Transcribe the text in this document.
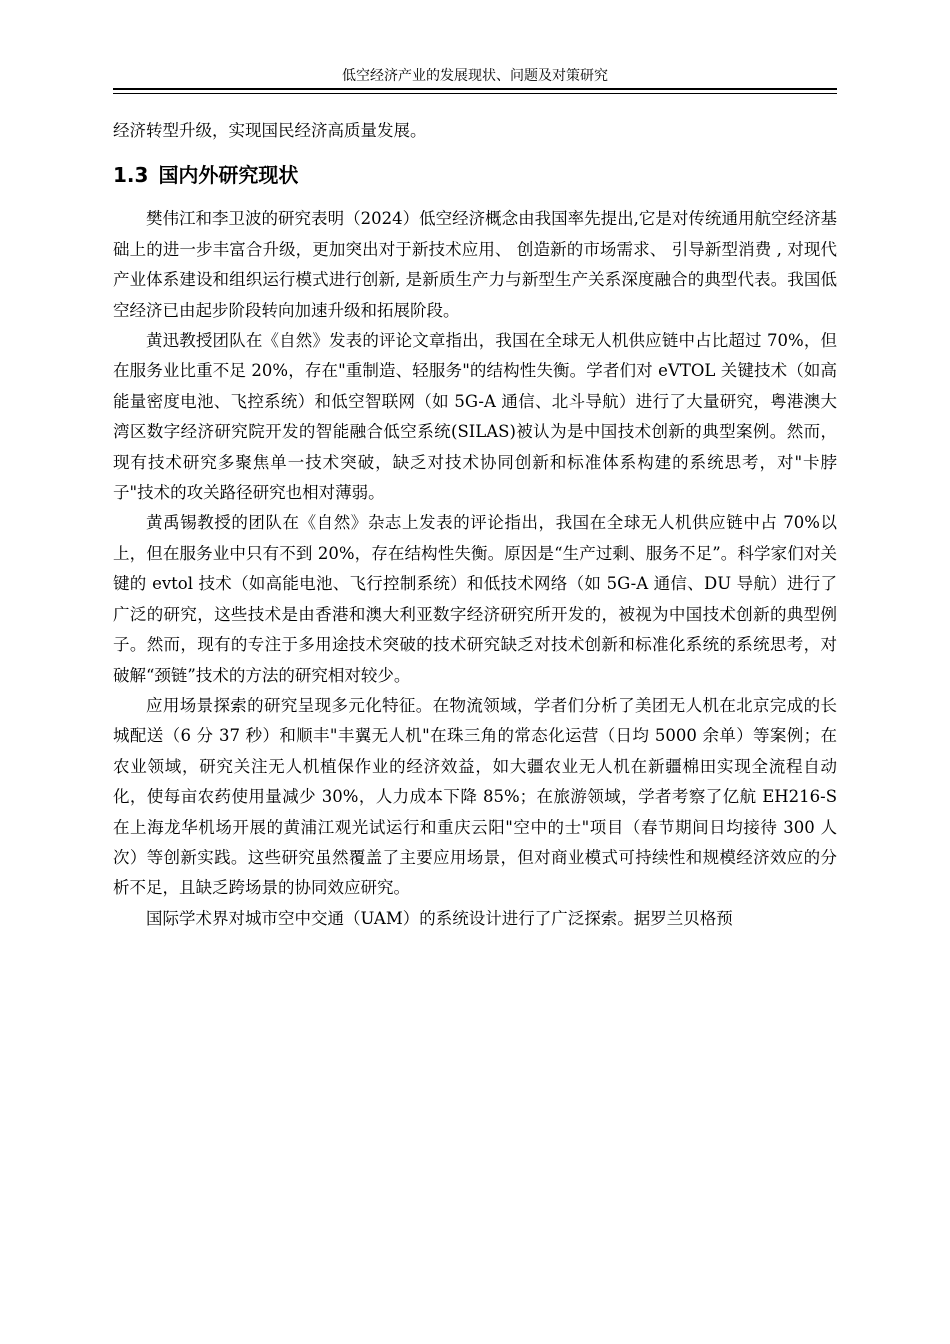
低空经济产业的发展现状、问题及对策研究

经济转型升级，实现国民经济高质量发展。

1.3 国内外研究现状

樊伟江和李卫波的研究表明（2024）低空经济概念由我国率先提出,它是对传统通用航空经济基础上的进一步丰富合升级，更加突出对于新技术应用、 创造新的市场需求、 引导新型消费 , 对现代产业体系建设和组织运行模式进行创新, 是新质生产力与新型生产关系深度融合的典型代表。我国低空经济已由起步阶段转向加速升级和拓展阶段。

黄迅教授团队在《自然》发表的评论文章指出，我国在全球无人机供应链中占比超过 70%，但在服务业比重不足 20%，存在"重制造、轻服务"的结构性失衡。学者们对 eVTOL 关键技术（如高能量密度电池、飞控系统）和低空智联网（如 5G-A 通信、北斗导航）进行了大量研究，粤港澳大湾区数字经济研究院开发的智能融合低空系统(SILAS)被认为是中国技术创新的典型案例。然而，现有技术研究多聚焦单一技术突破，缺乏对技术协同创新和标准体系构建的系统思考，对"卡脖子"技术的攻关路径研究也相对薄弱。

黄禹锡教授的团队在《自然》杂志上发表的评论指出，我国在全球无人机供应链中占 70%以上，但在服务业中只有不到 20%，存在结构性失衡。原因是“生产过剩、服务不足”。科学家们对关键的 evtol 技术（如高能电池、飞行控制系统）和低技术网络（如 5G-A 通信、DU 导航）进行了广泛的研究，这些技术是由香港和澳大利亚数字经济研究所开发的，被视为中国技术创新的典型例子。然而，现有的专注于多用途技术突破的技术研究缺乏对技术创新和标准化系统的系统思考，对破解“颈链”技术的方法的研究相对较少。

应用场景探索的研究呈现多元化特征。在物流领域，学者们分析了美团无人机在北京完成的长城配送（6 分 37 秒）和顺丰"丰翼无人机"在珠三角的常态化运营（日均 5000 余单）等案例；在农业领域，研究关注无人机植保作业的经济效益，如大疆农业无人机在新疆棉田实现全流程自动化，使每亩农药使用量减少 30%，人力成本下降 85%；在旅游领域，学者考察了亿航 EH216-S 在上海龙华机场开展的黄浦江观光试运行和重庆云阳"空中的士"项目（春节期间日均接待 300 人次）等创新实践。这些研究虽然覆盖了主要应用场景，但对商业模式可持续性和规模经济效应的分析不足，且缺乏跨场景的协同效应研究。

国际学术界对城市空中交通（UAM）的系统设计进行了广泛探索。据罗兰贝格预
